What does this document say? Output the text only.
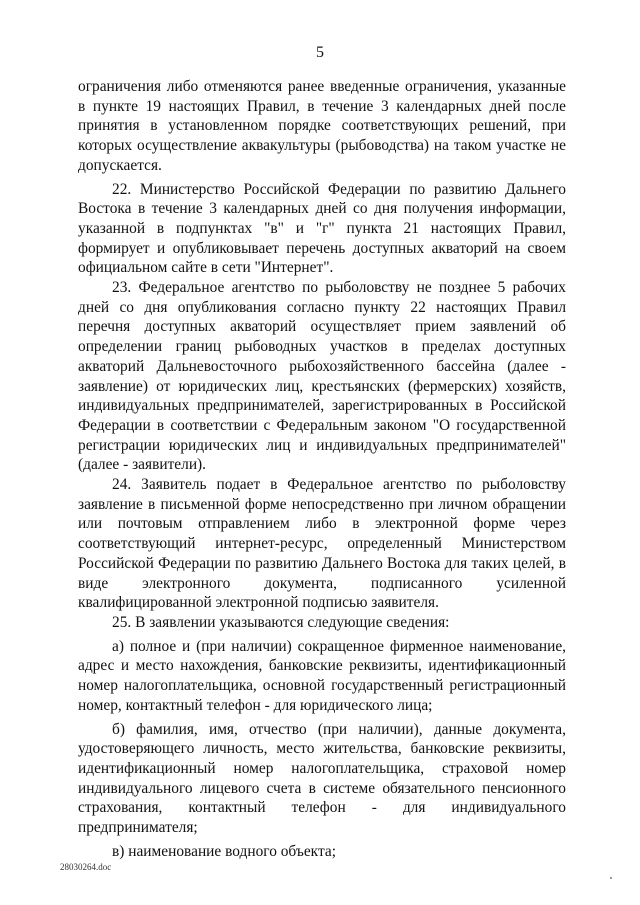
5

ограничения либо отменяются ранее введенные ограничения, указанные в пункте 19 настоящих Правил, в течение 3 календарных дней после принятия в установленном порядке соответствующих решений, при которых осуществление аквакультуры (рыбоводства) на таком участке не допускается.

22. Министерство Российской Федерации по развитию Дальнего Востока в течение 3 календарных дней со дня получения информации, указанной в подпунктах "в" и "г" пункта 21 настоящих Правил, формирует и опубликовывает перечень доступных акваторий на своем официальном сайте в сети "Интернет".

23. Федеральное агентство по рыболовству не позднее 5 рабочих дней со дня опубликования согласно пункту 22 настоящих Правил перечня доступных акваторий осуществляет прием заявлений об определении границ рыбоводных участков в пределах доступных акваторий Дальневосточного рыбохозяйственного бассейна (далее - заявление) от юридических лиц, крестьянских (фермерских) хозяйств, индивидуальных предпринимателей, зарегистрированных в Российской Федерации в соответствии с Федеральным законом "О государственной регистрации юридических лиц и индивидуальных предпринимателей" (далее - заявители).

24. Заявитель подает в Федеральное агентство по рыболовству заявление в письменной форме непосредственно при личном обращении или почтовым отправлением либо в электронной форме через соответствующий интернет-ресурс, определенный Министерством Российской Федерации по развитию Дальнего Востока для таких целей, в виде электронного документа, подписанного усиленной квалифицированной электронной подписью заявителя.

25. В заявлении указываются следующие сведения:

а) полное и (при наличии) сокращенное фирменное наименование, адрес и место нахождения, банковские реквизиты, идентификационный номер налогоплательщика, основной государственный регистрационный номер, контактный телефон - для юридического лица;

б) фамилия, имя, отчество (при наличии), данные документа, удостоверяющего личность, место жительства, банковские реквизиты, идентификационный номер налогоплательщика, страховой номер индивидуального лицевого счета в системе обязательного пенсионного страхования, контактный телефон - для индивидуального предпринимателя;

в) наименование водного объекта;

28030264.doc
